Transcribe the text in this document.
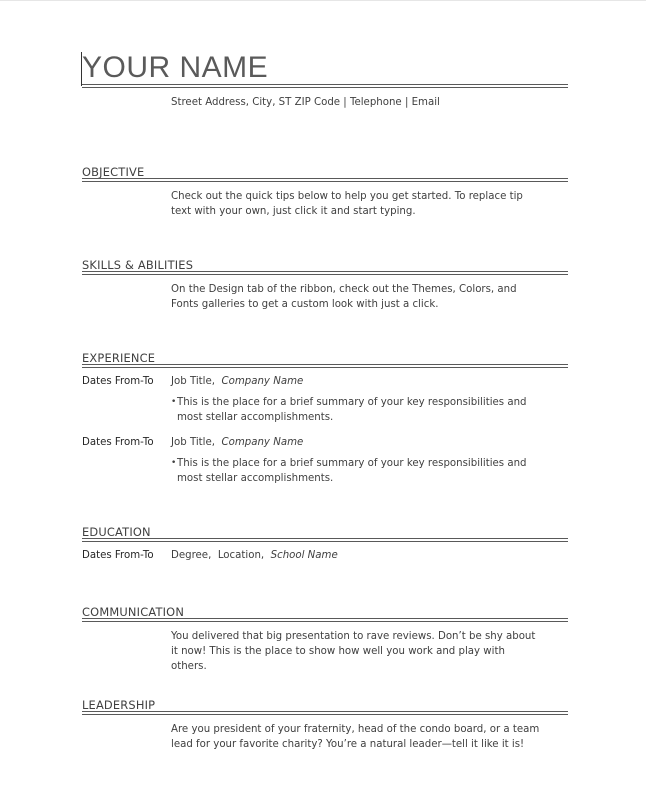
YOUR NAME
Street Address, City, ST ZIP Code | Telephone | Email
OBJECTIVE
Check out the quick tips below to help you get started. To replace tip text with your own, just click it and start typing.
SKILLS & ABILITIES
On the Design tab of the ribbon, check out the Themes, Colors, and Fonts galleries to get a custom look with just a click.
EXPERIENCE
Dates From-To Job Title, Company Name
• This is the place for a brief summary of your key responsibilities and most stellar accomplishments.
Dates From-To Job Title, Company Name
• This is the place for a brief summary of your key responsibilities and most stellar accomplishments.
EDUCATION
Dates From-To Degree, Location, School Name
COMMUNICATION
You delivered that big presentation to rave reviews. Don’t be shy about it now! This is the place to show how well you work and play with others.
LEADERSHIP
Are you president of your fraternity, head of the condo board, or a team lead for your favorite charity? You’re a natural leader—tell it like it is!
